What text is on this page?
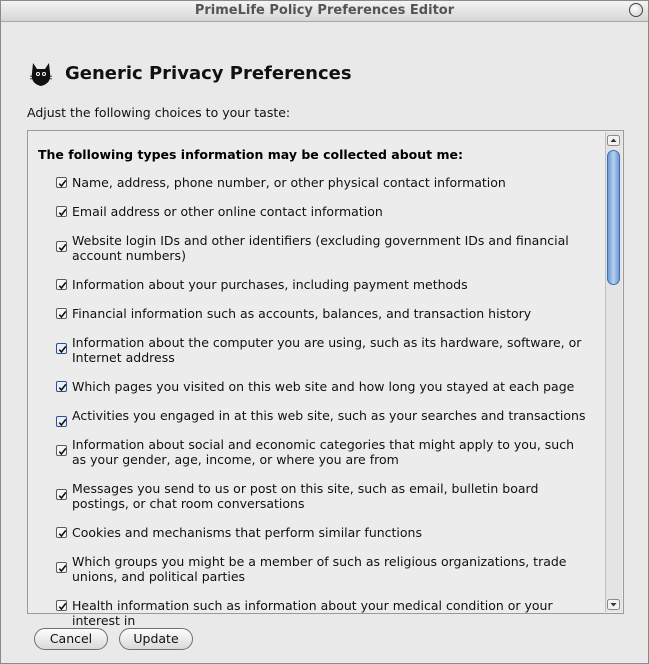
PrimeLife Policy Preferences Editor
Generic Privacy Preferences
Adjust the following choices to your taste:
The following types information may be collected about me:
Name, address, phone number, or other physical contact information
Email address or other online contact information
Website login IDs and other identifiers (excluding government IDs and financial account numbers)
Information about your purchases, including payment methods
Financial information such as accounts, balances, and transaction history
Information about the computer you are using, such as its hardware, software, or Internet address
Which pages you visited on this web site and how long you stayed at each page
Activities you engaged in at this web site, such as your searches and transactions
Information about social and economic categories that might apply to you, such as your gender, age, income, or where you are from
Messages you send to us or post on this site, such as email, bulletin board postings, or chat room conversations
Cookies and mechanisms that perform similar functions
Which groups you might be a member of such as religious organizations, trade unions, and political parties
Health information such as information about your medical condition or your interest in
Cancel	Update
